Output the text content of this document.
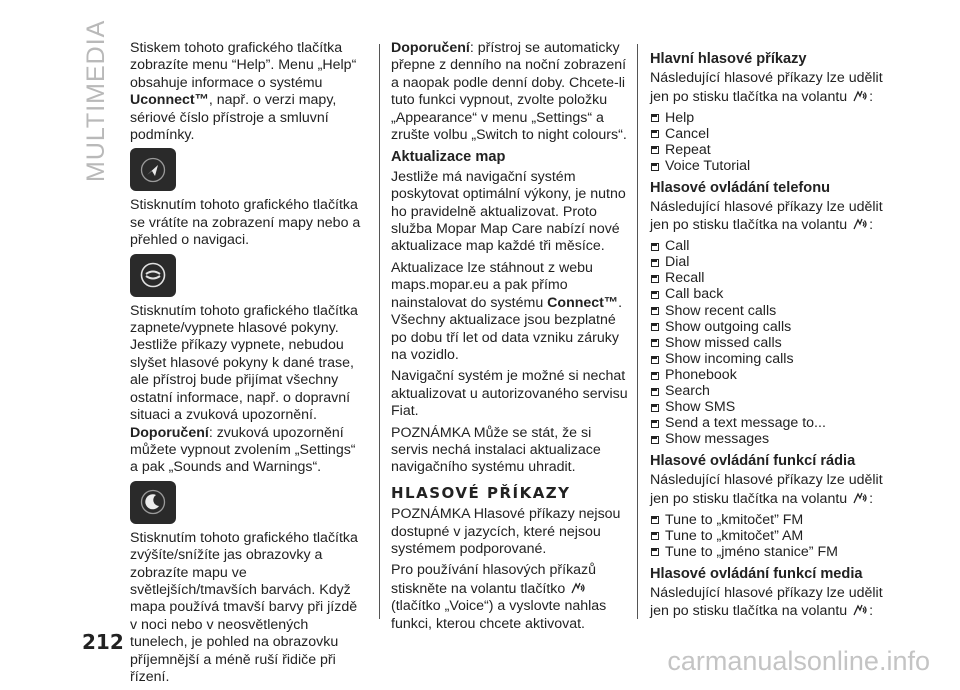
MULTIMEDIA Stiskem tohoto grafického tlačítka zobrazíte menu “Help”. Menu „Help“ obsahuje informace o systému Uconnect™, např. o verzi mapy, sériové číslo přístroje a smluvní podmínky.

Stisknutím tohoto grafického tlačítka se vrátíte na zobrazení mapy nebo a přehled o navigaci.

Stisknutím tohoto grafického tlačítka zapnete/vypnete hlasové pokyny. Jestliže příkazy vypnete, nebudou slyšet hlasové pokyny k dané trase, ale přístroj bude přijímat všechny ostatní informace, např. o dopravní situaci a zvuková upozornění. Doporučení: zvuková upozornění můžete vypnout zvolením „Settings“ a pak „Sounds and Warnings“.

Stisknutím tohoto grafického tlačítka zvýšíte/snížíte jas obrazovky a zobrazíte mapu ve světlejších/tmavších barvách. Když mapa používá tmavší barvy při jízdě v noci nebo v neosvětlených tunelech, je pohled na obrazovku příjemnější a méně ruší řidiče při řízení.

Doporučení: přístroj se automaticky přepne z denního na noční zobrazení a naopak podle denní doby. Chcete-li tuto funkci vypnout, zvolte položku „Appearance“ v menu „Settings“ a zrušte volbu „Switch to night colours“.

Aktualizace map

Jestliže má navigační systém poskytovat optimální výkony, je nutno ho pravidelně aktualizovat. Proto služba Mopar Map Care nabízí nové aktualizace map každé tři měsíce.

Aktualizace lze stáhnout z webu maps.mopar.eu a pak přímo nainstalovat do systému Connect™. Všechny aktualizace jsou bezplatné po dobu tří let od data vzniku záruky na vozidlo.

Navigační systém je možné si nechat aktualizovat u autorizovaného servisu Fiat.

POZNÁMKA Může se stát, že si servis nechá instalaci aktualizace navigačního systému uhradit.

HLASOVÉ PŘÍKAZY

POZNÁMKA Hlasové příkazy nejsou dostupné v jazycích, které nejsou systémem podporované.

Pro používání hlasových příkazů stiskněte na volantu tlačítko  (tlačítko „Voice“) a vyslovte nahlas funkci, kterou chcete aktivovat.

Hlavní hlasové příkazy

Následující hlasové příkazy lze udělit jen po stisku tlačítka na volantu :

Help
Cancel
Repeat
Voice Tutorial
Hlasové ovládání telefonu

Následující hlasové příkazy lze udělit jen po stisku tlačítka na volantu :

Call
Dial
Recall
Call back
Show recent calls
Show outgoing calls
Show missed calls
Show incoming calls
Phonebook
Search
Show SMS
Send a text message to...
Show messages
Hlasové ovládání funkcí rádia

Následující hlasové příkazy lze udělit jen po stisku tlačítka na volantu :

Tune to „kmitočet” FM
Tune to „kmitočet” AM
Tune to „jméno stanice” FM
Hlasové ovládání funkcí media

Následující hlasové příkazy lze udělit jen po stisku tlačítka na volantu :

212
carmanualsonline.info
